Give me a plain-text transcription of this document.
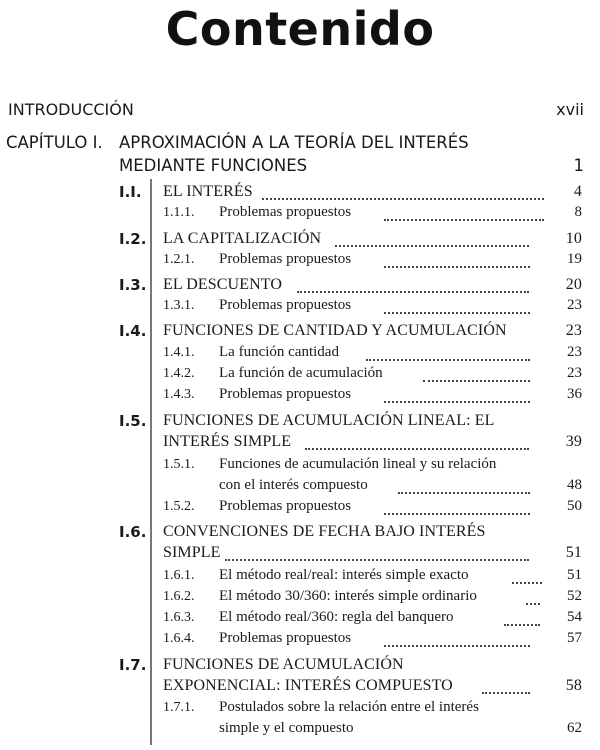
Contenido
INTRODUCCIÓN	xvii
CAPÍTULO I. APROXIMACIÓN A LA TEORÍA DEL INTERÉS
MEDIANTE FUNCIONES	1
I.I. EL INTERÉS	4
1.1.1. Problemas propuestos	8
I.2. LA CAPITALIZACIÓN	10
1.2.1. Problemas propuestos	19
I.3. EL DESCUENTO	20
1.3.1. Problemas propuestos	23
I.4. FUNCIONES DE CANTIDAD Y ACUMULACIÓN	23
1.4.1. La función cantidad	23
1.4.2. La función de acumulación	23
1.4.3. Problemas propuestos	36
I.5. FUNCIONES DE ACUMULACIÓN LINEAL: EL
INTERÉS SIMPLE	39
1.5.1. Funciones de acumulación lineal y su relación
con el interés compuesto	48
1.5.2. Problemas propuestos	50
I.6. CONVENCIONES DE FECHA BAJO INTERÉS
SIMPLE	51
1.6.1. El método real/real: interés simple exacto	51
1.6.2. El método 30/360: interés simple ordinario	52
1.6.3. El método real/360: regla del banquero	54
1.6.4. Problemas propuestos	57
I.7. FUNCIONES DE ACUMULACIÓN
EXPONENCIAL: INTERÉS COMPUESTO	58
1.7.1. Postulados sobre la relación entre el interés
simple y el compuesto	62
